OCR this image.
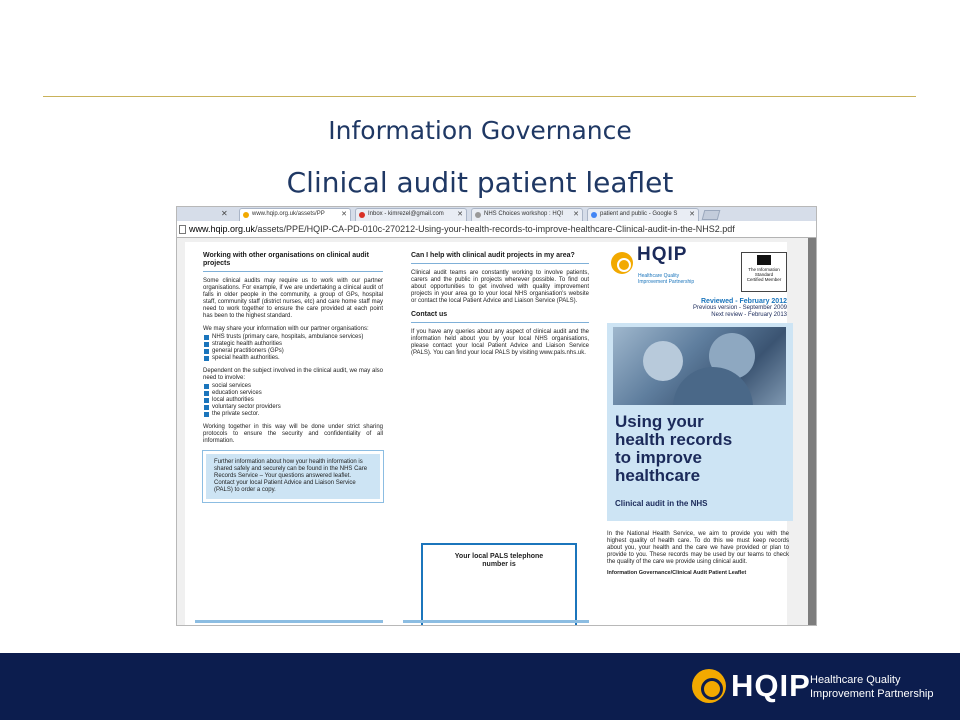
Information Governance
Clinical audit patient leaflet
✕	www.hqip.org.uk/assets/PP ✕	Inbox - kimrezel@gmail.com ✕	NHS Choices workshop : HQI ✕	patient and public - Google S ✕
www.hqip.org.uk/assets/PPE/HQIP-CA-PD-010c-270212-Using-your-health-records-to-improve-healthcare-Clinical-audit-in-the-NHS2.pdf
Working with other organisations on clinical audit projects
Some clinical audits may require us to work with our partner organisations. For example, if we are undertaking a clinical audit of falls in older people in the community, a group of GPs, hospital staff, community staff (district nurses, etc) and care home staff may need to work together to ensure the care provided at each point has been to the highest standard.
We may share your information with our partner organisations:
NHS trusts (primary care, hospitals, ambulance services)
strategic health authorities
general practitioners (GPs)
special health authorities.
Dependent on the subject involved in the clinical audit, we may also need to involve:
social services
education services
local authorities
voluntary sector providers
the private sector.
Working together in this way will be done under strict sharing protocols to ensure the security and confidentiality of all information.
Further information about how your health information is shared safely and securely can be found in the NHS Care Records Service – Your questions answered leaflet. Contact your local Patient Advice and Liaison Service (PALS) to order a copy.
Can I help with clinical audit projects in my area?
Clinical audit teams are constantly working to involve patients, carers and the public in projects wherever possible. To find out about opportunities to get involved with quality improvement projects in your area go to your local NHS organisation's website or contact the local Patient Advice and Liaison Service (PALS).
Contact us
If you have any queries about any aspect of clinical audit and the information held about you by your local NHS organisations, please contact your local Patient Advice and Liaison Service (PALS). You can find your local PALS by visiting www.pals.nhs.uk.
Your local PALS telephone number is
HQIP
Healthcare Quality
Improvement Partnership
The Information Standard
Certified Member
Reviewed - February 2012
Previous version - September 2009
Next review - February 2013
Using your
health records
to improve
healthcare
Clinical audit in the NHS
In the National Health Service, we aim to provide you with the highest quality of health care. To do this we must keep records about you, your health and the care we have provided or plan to provide to you. These records may be used by our teams to check the quality of the care we provide using clinical audit.
Information Governance/Clinical Audit Patient Leaflet
HQIP Healthcare Quality
Improvement Partnership
